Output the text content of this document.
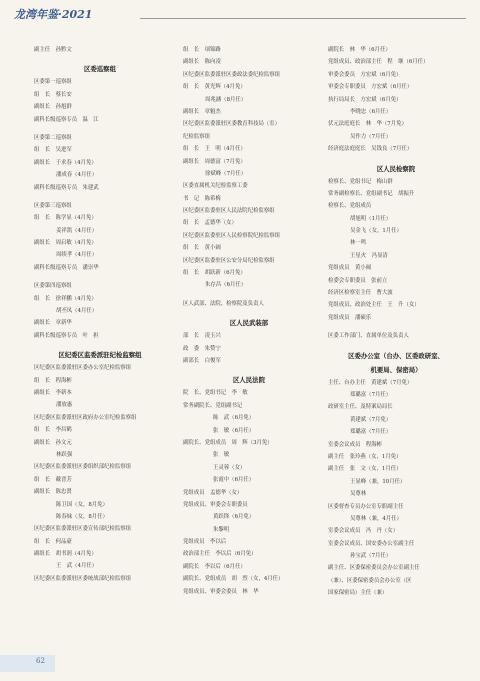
龙湾年鉴·2021
副主任　孙黔文
区委巡察组
区委第一巡察组
组　长　蔡长安
副组长　孙旭群
副科长级巡察专员　温　江
区委第二巡察组
组　长　吴进军
副组长　于求春（4月免）
潘成春（4月任）
副科长级巡察专员　朱建武
区委第三巡察组
组　长　陈学显（4月免）
姜祥凯（4月任）
副组长　周启敏（4月免）
周续孝（4月任）
副科长级巡察专员　潘崇华
区委第四巡察组
组　长　徐祥鹏（4月免）
胡丕凤（4月任）
副组长　章新华
副科长级巡察专员　叶　担
区纪委区监委派驻纪检监察组
区纪委区监委派驻区委办公室纪检监察组
组　长　程海彬
副组长　李新本
潘放惠
区纪委区监委派驻区政府办公室纪检监察组
组　长　李昌鹤
副组长　孙文元
林跃强
区纪委区监委派驻区委组织部纪检监察组
组　长　戴晋芳
副组长　陈忠贤
陈卫国（女，8月免）
陈春妹（女，8月任）
区纪委区监委派驻区委宣传部纪检监察组
组　长　何品豪
副组长　胡书润（4月免）
王　武（4月任）
区纪委区监委派驻区委统战部纪检监察组
组　长　项锦路
副组长　陈向凌
区纪委区监委派驻区委政法委纪检监察组
组　长　黄光辉（4月免）
周兆涵（8月任）
副组长　章魁杰
区纪委区监委派驻区委教育科技局（室）
纪检监察组
组　长　王　明（4月任）
副组长　周德富（7月免）
徐斌峰（7月任）
区委直属机关纪检监察工委
书　记　陈希梅
区纪委区监委驻区人民法院纪检监察组
组　长　孟德华（女）
区纪委区监委驻区人民检察院纪检监察组
组　长　黄小阔
区纪委区监委驻区公安分局纪检监察组
组　长　胡跃新（6月免）
朱存昌（6月任）
区人武部、法院、检察院及负责人
区人民武装部
部　长　凌玉兴
政　委　朱赞宁
副部长　白俊军
区人民法院
院　长、党组书记　李　敏
常务副院长、党组副书记
陈　武（6月免）
张　敏（6月任）
副院长、党组成员　周　辉（3月免）
张　敏
王灵蓉（女）
张霞中（6月任）
党组成员　孟德华（女）
党组成员、审委会专职委员
黄跃锋（6月免）
朱黎明
党组成员　李以后
政治部主任　李以后（6月免）
副院长　李以后（6月任）
副院长、党组成员　胡　烈（女，4月任）
党组成员、审委会委员　林　华
副院长　林　华（6月任）
党组成员、政治部主任　程　继（6月任）
审委会委员　方宏斌（6月免）
审委会专职委员　方宏斌（6月任）
执行局局长　方宏斌（6月免）
李晓忠（6月任）
伏元法庭庭长　林　华（7月免）
吴作力（7月任）
经济庭法庭庭长　吴钱良（7月任）
区人民检察院
检察长、党组书记　梅山群
常务副检察长、党组副书记　胡振升
检察长、党组成员
胡旭明（1月任）
吴金飞（女，1月任）
林一鸣
王星火　冯显清
党组成员　黄小阔
检委会专职委员　张前立
经济区检察室主任　曹大波
党组成员、政治处主任　王　升（女）
党组成员　潘硕乐
区委工作部门、直属单位及负责人
区委办公室（台办、区委政研室、
机要局、保密局）
主任、台办主任　黄建斌（7月免）
郑璐富（7月任）
政研室主任、及特案局局长
黄建斌（7月免）
郑璐富（7月任）
室委会议成员　程海彬
副主任　张玲燕（女，1月免）
副主任　张　文（女，1月任）
王显峰（兼，10月任）
吴尊林
区委督查专员办公室专职副主任
吴尊林（兼，4月任）
室委会议成员　冯　丹（女）
室委会议成员、国安委办公室副主任
孙宝武（7月任）
副主任、区委保密委员会办公室副主任
（兼）、区委保密委员会办公室（区
国家保密局）主任（兼）
62
